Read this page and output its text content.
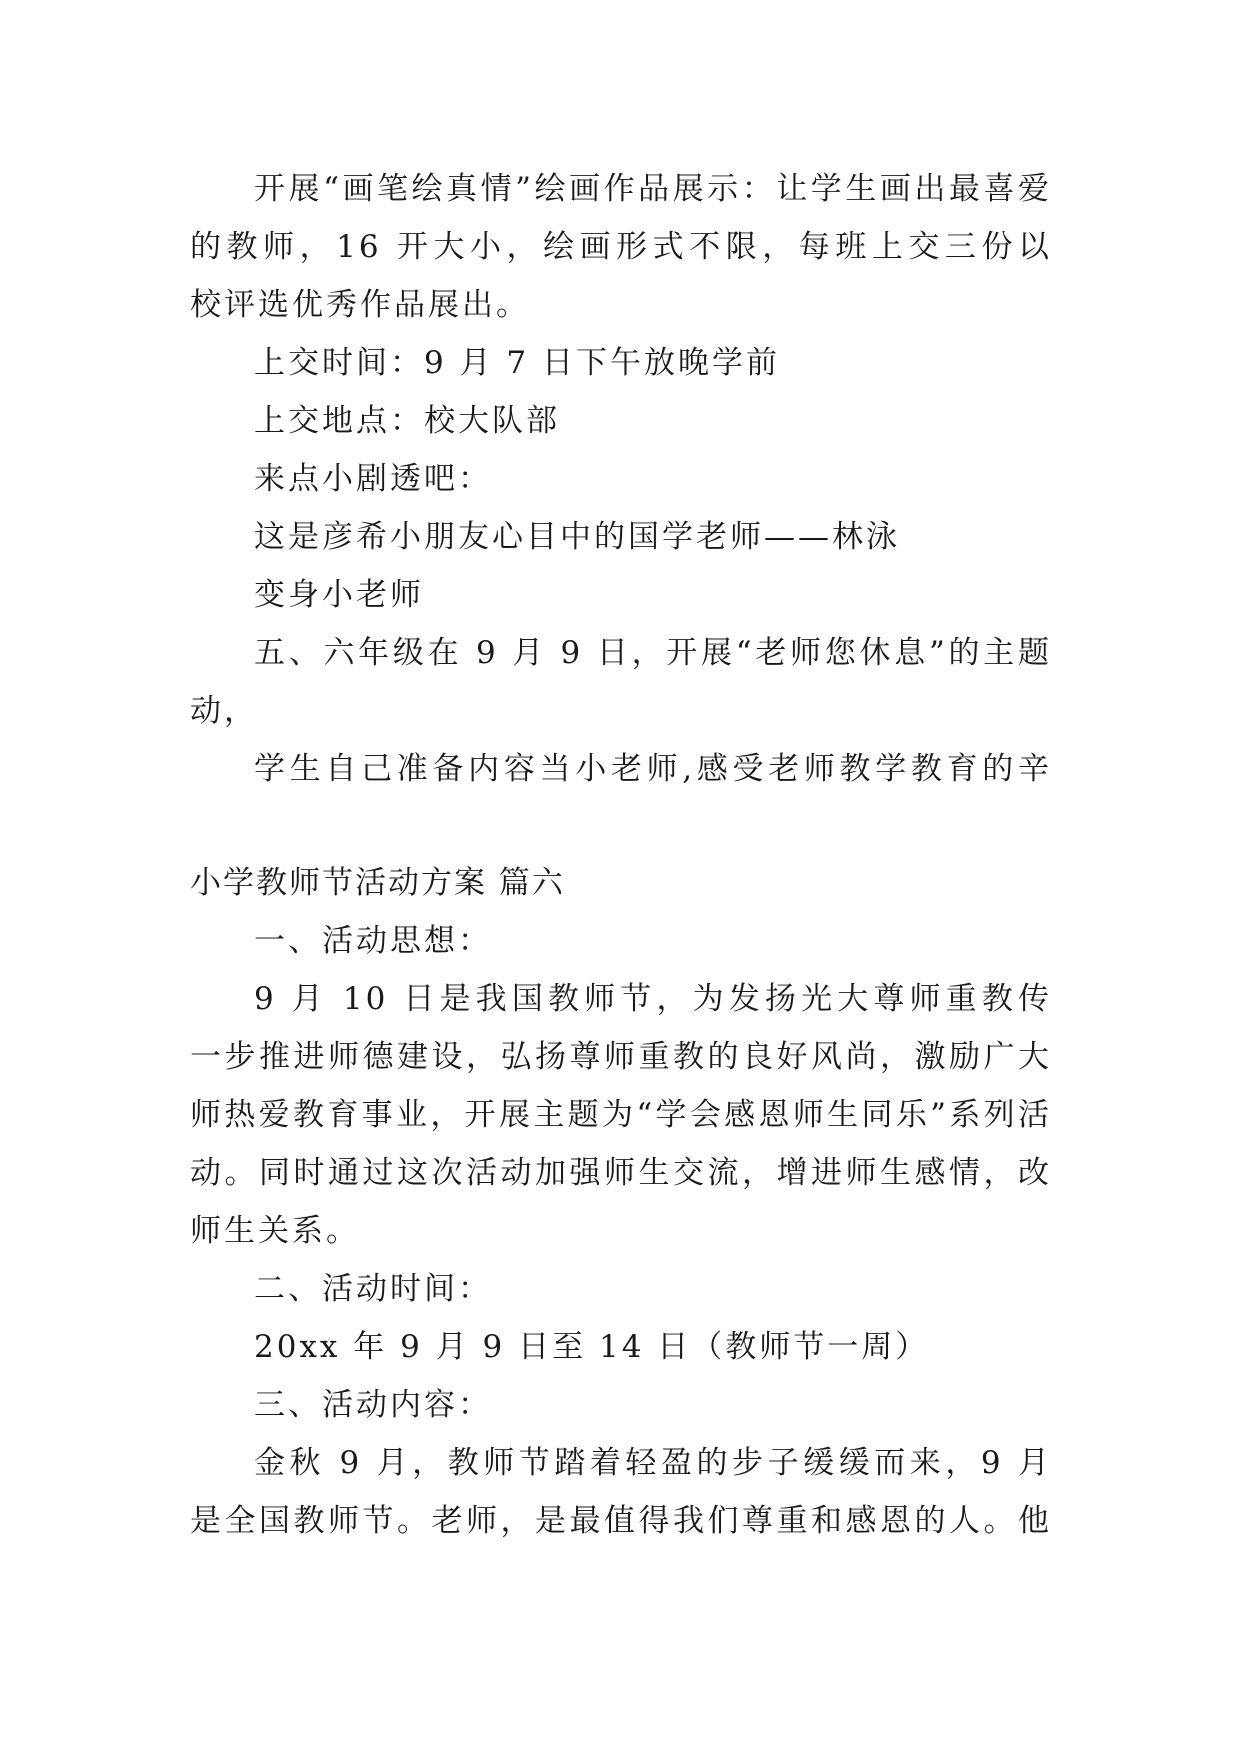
开展“画笔绘真情”绘画作品展示：让学生画出最喜爱
的教师，16 开大小，绘画形式不限，每班上交三份以
校评选优秀作品展出。
上交时间：9 月 7 日下午放晚学前
上交地点：校大队部
来点小剧透吧：
这是彦希小朋友心目中的国学老师——林泳
变身小老师
五、六年级在 9 月 9 日，开展“老师您休息”的主题
动，
学生自己准备内容当小老师,感受老师教学教育的辛
小学教师节活动方案 篇六
一、活动思想：
9 月 10 日是我国教师节，为发扬光大尊师重教传
一步推进师德建设，弘扬尊师重教的良好风尚，激励广大
师热爱教育事业，开展主题为“学会感恩师生同乐”系列活
动。同时通过这次活动加强师生交流，增进师生感情，改
师生关系。
二、活动时间：
20xx 年 9 月 9 日至 14 日（教师节一周）
三、活动内容：
金秋 9 月，教师节踏着轻盈的步子缓缓而来，9 月
是全国教师节。老师，是最值得我们尊重和感恩的人。他
